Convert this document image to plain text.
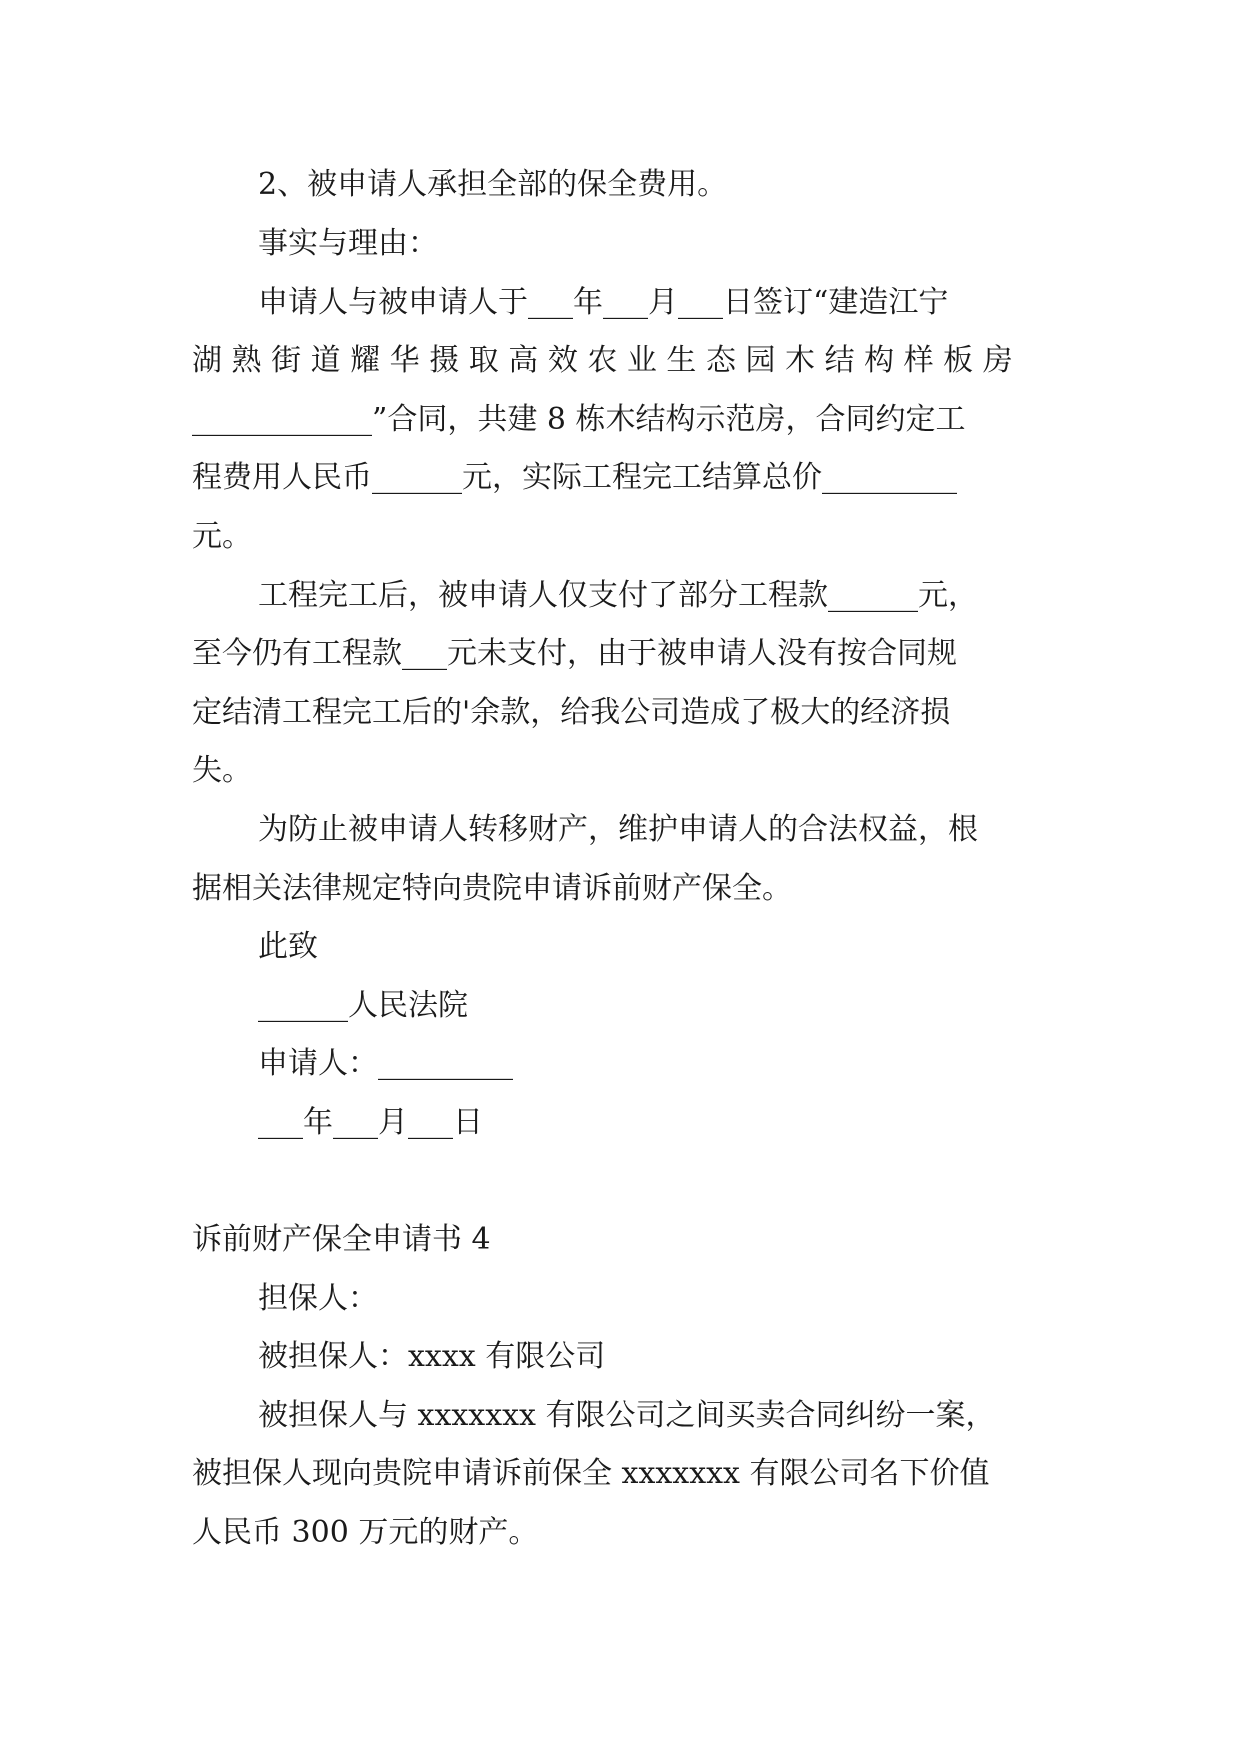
2、被申请人承担全部的保全费用。
事实与理由：
申请人与被申请人于___年___月___日签订“建造江宁
湖 熟 街 道 耀 华 摄 取 高 效 农 业 生 态 园 木 结 构 样 板 房
____________”合同，共建 8 栋木结构示范房，合同约定工
程费用人民币______元，实际工程完工结算总价_________
元。
工程完工后，被申请人仅支付了部分工程款______元，
至今仍有工程款___元未支付，由于被申请人没有按合同规
定结清工程完工后的'余款，给我公司造成了极大的经济损
失。
为防止被申请人转移财产，维护申请人的合法权益，根
据相关法律规定特向贵院申请诉前财产保全。
此致
______人民法院
申请人：_________
___年___月___日
诉前财产保全申请书 4
担保人：
被担保人：xxxx 有限公司
被担保人与 xxxxxxx 有限公司之间买卖合同纠纷一案，
被担保人现向贵院申请诉前保全 xxxxxxx 有限公司名下价值
人民币 300 万元的财产。
